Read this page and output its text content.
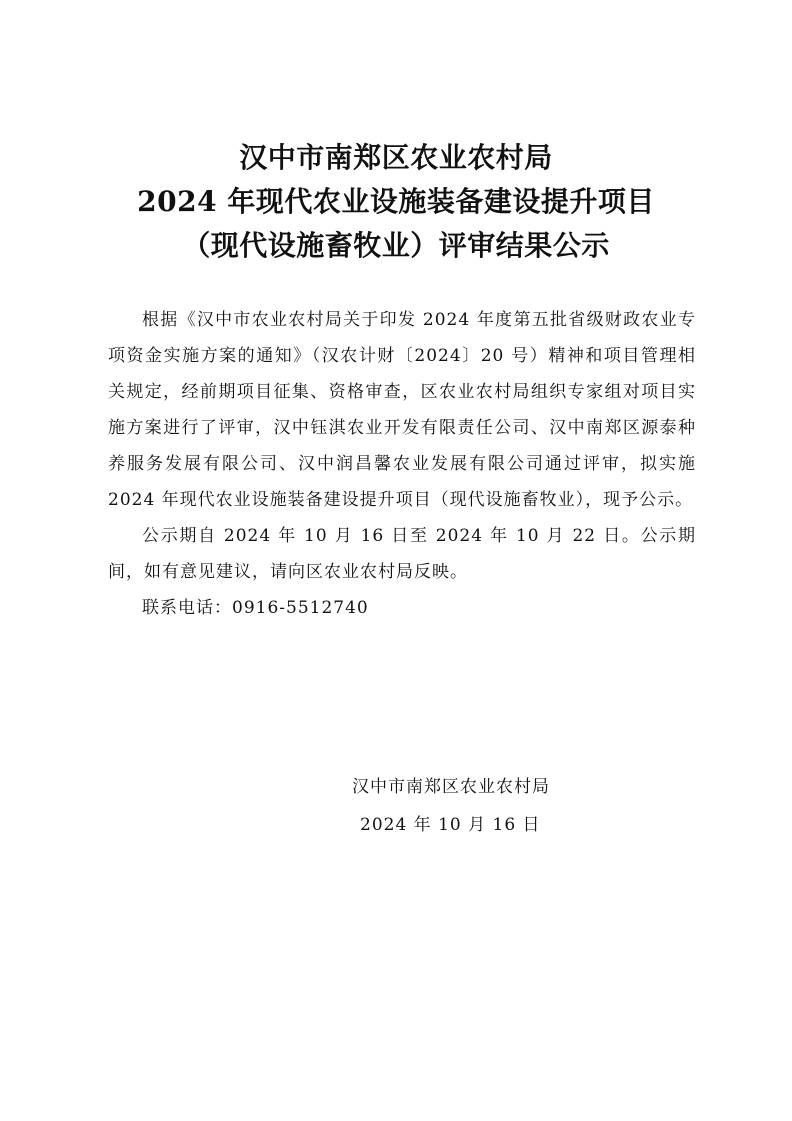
汉中市南郑区农业农村局
2024 年现代农业设施装备建设提升项目
（现代设施畜牧业）评审结果公示

根据《汉中市农业农村局关于印发 2024 年度第五批省级财政农业专项资金实施方案的通知》（汉农计财〔2024〕20 号）精神和项目管理相关规定，经前期项目征集、资格审查，区农业农村局组织专家组对项目实施方案进行了评审，汉中钰淇农业开发有限责任公司、汉中南郑区源泰种养服务发展有限公司、汉中润昌馨农业发展有限公司通过评审，拟实施 2024 年现代农业设施装备建设提升项目（现代设施畜牧业），现予公示。

公示期自 2024 年 10 月 16 日至 2024 年 10 月 22 日。公示期间，如有意见建议，请向区农业农村局反映。

联系电话：0916-5512740

汉中市南郑区农业农村局
2024 年 10 月 16 日
